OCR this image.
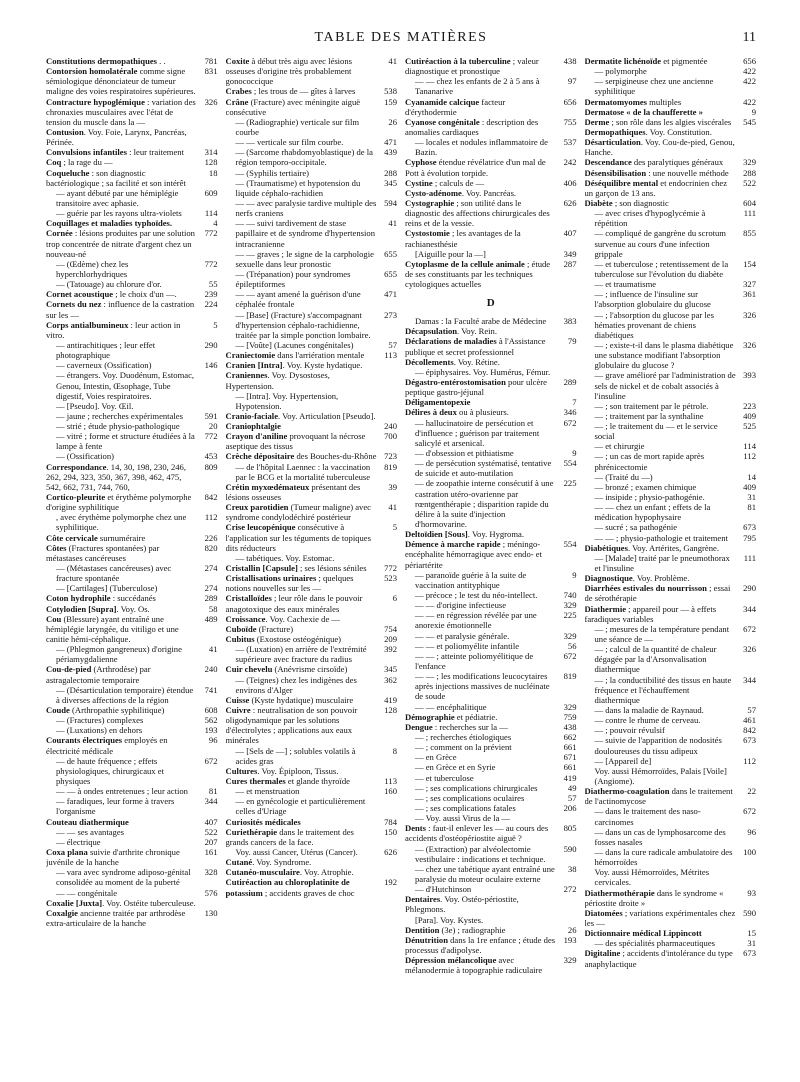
TABLE DES MATIÈRES	11
Constitutions dermopathiques . .	781
Contorsion homolatérale comme signe sémiologique dénonciateur de tumeur maligne des voies respiratoires supérieures.
831
Contracture hypoglémique : variation des chronaxies musculaires avec l'état de tension du muscle dans la —
326
Contusion. Voy. Foie, Larynx, Pancréas, Périnée.
Convulsions infantiles : leur traitement	314
Coq ; la rage du —	128
Coqueluche : son diagnostic bactériologique ; sa facilité et son intérêt
18
— ayant débuté par une hémiplégie transitoire avec aphasie.
609
— guérie par les rayons ultra-violets	114
Coquillages et maladies typhoïdes.	4
Cornée : lésions produites par une solution trop concentrée de nitrate d'argent chez un nouveau-né
772
— (Œdème) chez les hyperchlorhydriques
772
— (Tatouage) au chlorure d'or.	55
Cornet acoustique ; le choix d'un —.	239
Cornets du nez : influence de la castration sur les —
224
Corps antialbumineux : leur action in vitro.
5
— antirachitiques ; leur effet photographique
290
— caverneux (Ossification)	146
— étrangers. Voy. Duodénum, Estomac, Genou, Intestin, Œsophage, Tube digestif, Voies respiratoires.
— [Pseudo]. Voy. Œil.
— jaune ; recherches expérimentales	591
— strié ; étude physio-pathologique	20
— vitré ; forme et structure étudiées à la lampe à fente
772
— (Ossification)	453
Correspondance. 14, 30, 198, 230, 246, 262, 294, 323, 350, 367, 398, 462, 475, 542, 662, 731, 744, 760,
809
Cortico-pleurite et érythème polymorphe d'origine syphilitique
842
, avec érythème polymorphe chez une syphilitique.
112
Côte cervicale surnuméraire	226
Côtes (Fractures spontanées) par métastases cancéreuses
820
— (Métastases cancéreuses) avec fracture spontanée
274
— [Cartilages] (Tuberculose)	274
Coton hydrophile : succédanés	289
Cotylodien [Supra]. Voy. Os.	58
Cou (Blessure) ayant entraîné une hémiplégie laryngée, du vitiligo et une canitie hémi-céphalique.
489
— (Phlegmon gangreneux) d'origine périamygdalienne
41
Cou-de-pied (Arthrodèse) par astragalectomie temporaire
240
— (Désarticulation temporaire) étendue à diverses affections de la région
741
Coude (Arthropathie syphilitique)	608
— (Fractures) complexes	562
— (Luxations) en dehors	193
Courants électriques employés en électricité médicale
96
— de haute fréquence ; effets physiologiques, chirurgicaux et physiques
672
— — à ondes entretenues ; leur action	81
— faradiques, leur forme à travers l'organisme
344
Couteau diathermique	407
— — ses avantages	522
— électrique	207
Coxa plana suivie d'arthrite chronique juvénile de la hanche
161
— vara avec syndrome adiposo-génital consolidée au moment de la puberté
328
— — congénitale	576
Coxalie [Juxta]. Voy. Ostéite tuberculeuse.
Coxalgie ancienne traitée par arthrodèse extra-articulaire de la hanche
130
Coxite à début très aigu avec lésions osseuses d'origine très probablement gonococcique
41
Crabes ; les trous de — gîtes à larves	538
Crâne (Fracture) avec méningite aiguë consécutive
159
— (Radiographie) verticale sur film courbe
26
— — verticale sur film courbe.	471
— (Sarcome rhabdomyoblastique) de la région temporo-occipitale.
439
— (Syphilis tertiaire)	288
— (Traumatisme) et hypotension du liquide céphalo-rachidien
345
— — avec paralysie tardive multiple des nerfs craniens
594
— — suivi tardivement de stase papillaire et de syndrome d'hypertension intracranienne
41
— — graves ; le signe de la carphologie sexuelle dans leur pronostic
655
— (Trépanation) pour syndromes épileptiformes
655
— — ayant amené la guérison d'une céphalée frontale
471
— [Base] (Fracture) s'accompagnant d'hypertension céphalo-rachidienne, traitée par la simple ponction lombaire.
273
— [Voûte] (Lacunes congénitales)	57
Craniectomie dans l'arriération mentale	113
Cranien [Intra]. Voy. Kyste hydatique.
Craniennes. Voy. Dysostoses, Hypertension.
— [Intra]. Voy. Hypertension, Hypotension.
Cranio-faciale. Voy. Articulation [Pseudo].
Craniophtalgie	240
Crayon d'aniline provoquant la nécrose aseptique des tissus
700
Crèche dépositaire des Bouches-du-Rhône 723
— de l'hôpital Laennec : la vaccination par le BCG et la mortalité tuberculeuse
819
Crétin myxœdémateux présentant des lésions osseuses
39
Creux parotidien (Tumeur maligne) avec syndrome condylodéchiré postérieur
41
Crise leucopénique consécutive à l'application sur les téguments de topiques dits réducteurs
5
— tabétiques. Voy. Estomac.
Cristallin [Capsule] ; ses lésions séniles	772
Cristallisations urinaires ; quelques notions nouvelles sur les —
523
Cristalloïdes ; leur rôle dans le pouvoir anagotoxique des eaux minérales
6
Croissance. Voy. Cachexie de —
Cuboïde (Fracture)	754
Cubitus (Exostose ostéogénique)	209
— (Luxation) en arrière de l'extrémité supérieure avec fracture du radius
392
Cuir chevelu (Anévrisme cirsoïde)	345
— (Teignes) chez les indigènes des environs d'Alger
362
Cuisse (Kyste hydatique) musculaire	419
Cuivre : neutralisation de son pouvoir oligodynamique par les solutions d'électrolytes ; applications aux eaux minérales
128
— [Sels de —] ; solubles volatils à acides gras
8
Cultures. Voy. Épiploon, Tissus.
Cures thermales et glande thyroïde	113
— et menstruation	160
— en gynécologie et particulièrement celles d'Uriage
Curiosités médicales	784
Curiethérapie dans le traitement des grands cancers de la face.
150
Voy. aussi Cancer, Utérus (Cancer).	626
Cutané. Voy. Syndrome.
Cutanéo-musculaire. Voy. Atrophie.
Cutiréaction au chloroplatinite de potassium ; accidents graves de choc
192
Cutiréaction à la tuberculine ; valeur diagnostique et pronostique
438
— — chez les enfants de 2 à 5 ans à Tananarive
97
Cyanamide calcique facteur d'érythodermie
656
Cyanose congénitale : description des anomalies cardiaques
755
— locales et nodules inflammatoire de Bazin.
537
Cyphose étendue révélatrice d'un mal de Pott à évolution torpide.
242
Cystine ; calculs de —	406
Cysto-adénome. Voy. Pancréas.
Cystographie ; son utilité dans le diagnostic des affections chirurgicales des reins et de la vessie.
626
Cystostomie ; les avantages de la rachianesthésie
407
[Aiguille pour la —]	349
Cytoplasme de la cellule animale ; étude de ses constituants par les techniques cytologiques actuelles
287
D
Damas : la Faculté arabe de Médecine	383
Décapsulation. Voy. Rein.
Déclarations de maladies à l'Assistance publique et secret professionnel
79
Décollements. Voy. Rétine.
— épiphysaires. Voy. Humérus, Fémur.
Dégastro-entérostomisation pour ulcère peptique gastro-jéjunal
289
Déligamentopexie	7
Délires à deux ou à plusieurs.	346
— hallucinatoire de persécution et d'influence ; guérison par traitement salicylé et arsenical.
672
— d'obsession et pithiatisme	9
— de persécution systématisé, tentative de suicide et auto-mutilation
554
— de zoopathie interne consécutif à une castration utéro-ovarienne par rœntgenthérapie ; disparition rapide du délire à la suite d'injection d'hormovarine.
225
Deltoïdien [Sous]. Voy. Hygroma.
Démence à marche rapide ; méningo-encéphalite hémorragique avec endo- et périartérite
554
— paranoïde guérie à la suite de vaccination antityphique
9
— précoce ; le test du néo-intellect.	740
— — d'origine infectieuse	329
— — en régression révélée par une anorexie émotionnelle
225
— — et paralysie générale.	329
— — et poliomyélite infantile	56
— — ; atteinte poliomyélitique de l'enfance
672
— — ; les modifications leucocytaires après injections massives de nucléinate de soude
819
— — encéphalitique	329
Démographie et pédiatrie.	759
Dengue : recherches sur la —	438
— ; recherches étiologiques	662
— ; comment on la prévient	661
— en Grèce	671
— en Grèce et en Syrie	661
— et tuberculose	419
— ; ses complications chirurgicales	49
— ; ses complications oculaires	57
— ; ses complications fatales	206
— Voy. aussi Virus de la —
Dents : faut-il enlever les — au cours des accidents d'ostéopériostite aiguë ?
805
— (Extraction) par alvéolectomie vestibulaire : indications et technique.
590
— chez une tabétique ayant entraîné une paralysie du moteur oculaire externe
38
— d'Hutchinson	272
Dentaires. Voy. Ostéo-périostite, Phlegmons.
[Para]. Voy. Kystes.
Dentition (3e) ; radiographie	26
Dénutrition dans la 1re enfance ; étude des processus d'adipolyse.
193
Dépression mélancolique avec mélanodermie à topographie radiculaire
329
Dermatite lichénoïde et pigmentée	656
— polymorphe	422
— serpigineuse chez une ancienne syphilitique
422
Dermatomyomes multiples	422
Dermatose « de la chaufferette »	9
Derme ; son rôle dans les algies viscérales	545
Dermopathiques. Voy. Constitution.
Désarticulation. Voy. Cou-de-pied, Genou, Hanche.
Descendance des paralytiques généraux	329
Désensibilisation : une nouvelle méthode	288
Déséquilibre mental et endocrinien chez un garçon de 13 ans.
522
Diabète ; son diagnostic	604
— avec crises d'hypoglycémie à répétition
111
— compliqué de gangrène du scrotum survenue au cours d'une infection grippale
855
— et tuberculose ; retentissement de la tuberculose sur l'évolution du diabète
154
— et traumatisme	327
— ; influence de l'insuline sur l'absorption globulaire du glucose
361
— ; l'absorption du glucose par les hématies provenant de chiens diabétiques
326
— ; existe-t-il dans le plasma diabétique une substance modifiant l'absorption globulaire du glucose ?
326
— grave amélioré par l'administration de sels de nickel et de cobalt associés à l'insuline
393
— ; son traitement par le pétrole.	223
— ; traitement par la synthaline	409
— ; le traitement du — et le service social
525
— et chirurgie	114
— ; un cas de mort rapide après phrénicectomie
112
— (Traité du —)	14
— bronzé ; examen chimique	409
— insipide ; physio-pathogénie.	31
— — chez un enfant ; effets de la médication hypophysaire
81
— sucré ; sa pathogénie	673
— — ; physio-pathologie et traitement	795
Diabétiques. Voy. Artérites, Gangrène.
— [Malade] traité par le pneumothorax et l'insuline
111
Diagnostique. Voy. Problème.
Diarrhées estivales du nourrisson ; essai de sérothérapie
290
Diathermie ; appareil pour — à effets faradiques variables
344
— ; mesures de la température pendant une séance de —
672
— ; calcul de la quantité de chaleur dégagée par la d'Arsonvalisation diathermique
326
— ; la conductibilité des tissus en haute fréquence et l'échauffement diathermique
344
— dans la maladie de Raynaud.	57
— contre le rhume de cerveau.	461
— ; pouvoir révulsif	842
— suivie de l'apparition de nodosités douloureuses du tissu adipeux
673
— [Appareil de]	112
Voy. aussi Hémorroïdes, Palais [Voile] (Angiome).
Diathermo-coagulation dans le traitement de l'actinomycose
22
— dans le traitement des naso-carcinomes
672
— dans un cas de lymphosarcome des fosses nasales
96
— dans la cure radicale ambulatoire des hémorroïdes
100
Voy. aussi Hémorroïdes, Métrites cervicales.
Diathermothérapie dans le syndrome « périostite droite »
93
Diatomées ; variations expérimentales chez les —
590
Dictionnaire médical Lippincott	15
— des spécialités pharmaceutiques	31
Digitaline ; accidents d'intolérance du type anaphylactique
673
